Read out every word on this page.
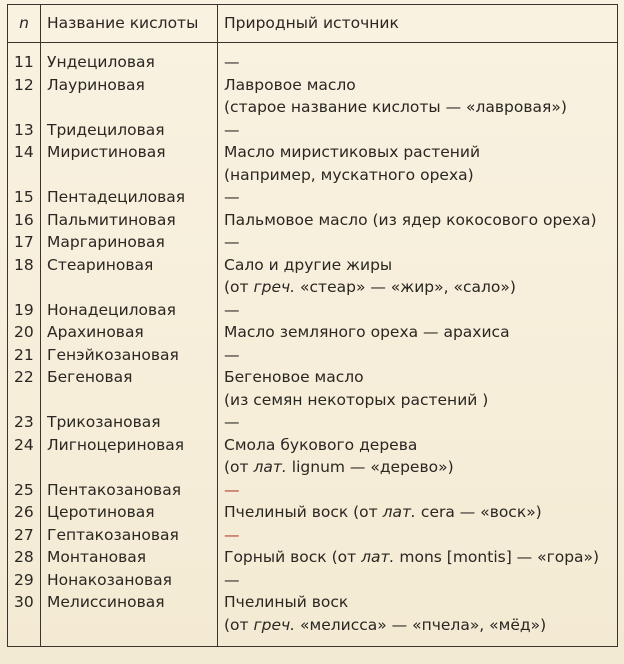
n	Название кислоты	Природный источник
11	Ундециловая	—

12	Лауриновая	Лавровое масло
(старое название кислоты — «лавровая»)

13	Тридециловая	—

14	Миристиновая	Масло миристиковых растений
(например, мускатного ореха)

15	Пентадециловая	—

16	Пальмитиновая	Пальмовое масло (из ядер кокосового ореха)

17	Маргариновая	—

18	Стеариновая	Сало и другие жиры
(от греч. «стеар» — «жир», «сало»)

19	Нонадециловая	—

20	Арахиновая	Масло земляного ореха — арахиса

21	Генэйкозановая	—

22	Бегеновая	Бегеновое масло
(из семян некоторых растений )

23	Трикозановая	—

24	Лигноцериновая	Смола букового дерева
(от лат. lignum — «дерево»)

25	Пентакозановая	—

26	Церотиновая	Пчелиный воск (от лат. cera — «воск»)

27	Гептакозановая	—

28	Монтановая	Горный воск (от лат. mons [montis] — «гора»)

29	Нонакозановая	—

30	Мелиссиновая	Пчелиный воск
(от греч. «мелисса» — «пчела», «мёд»)
